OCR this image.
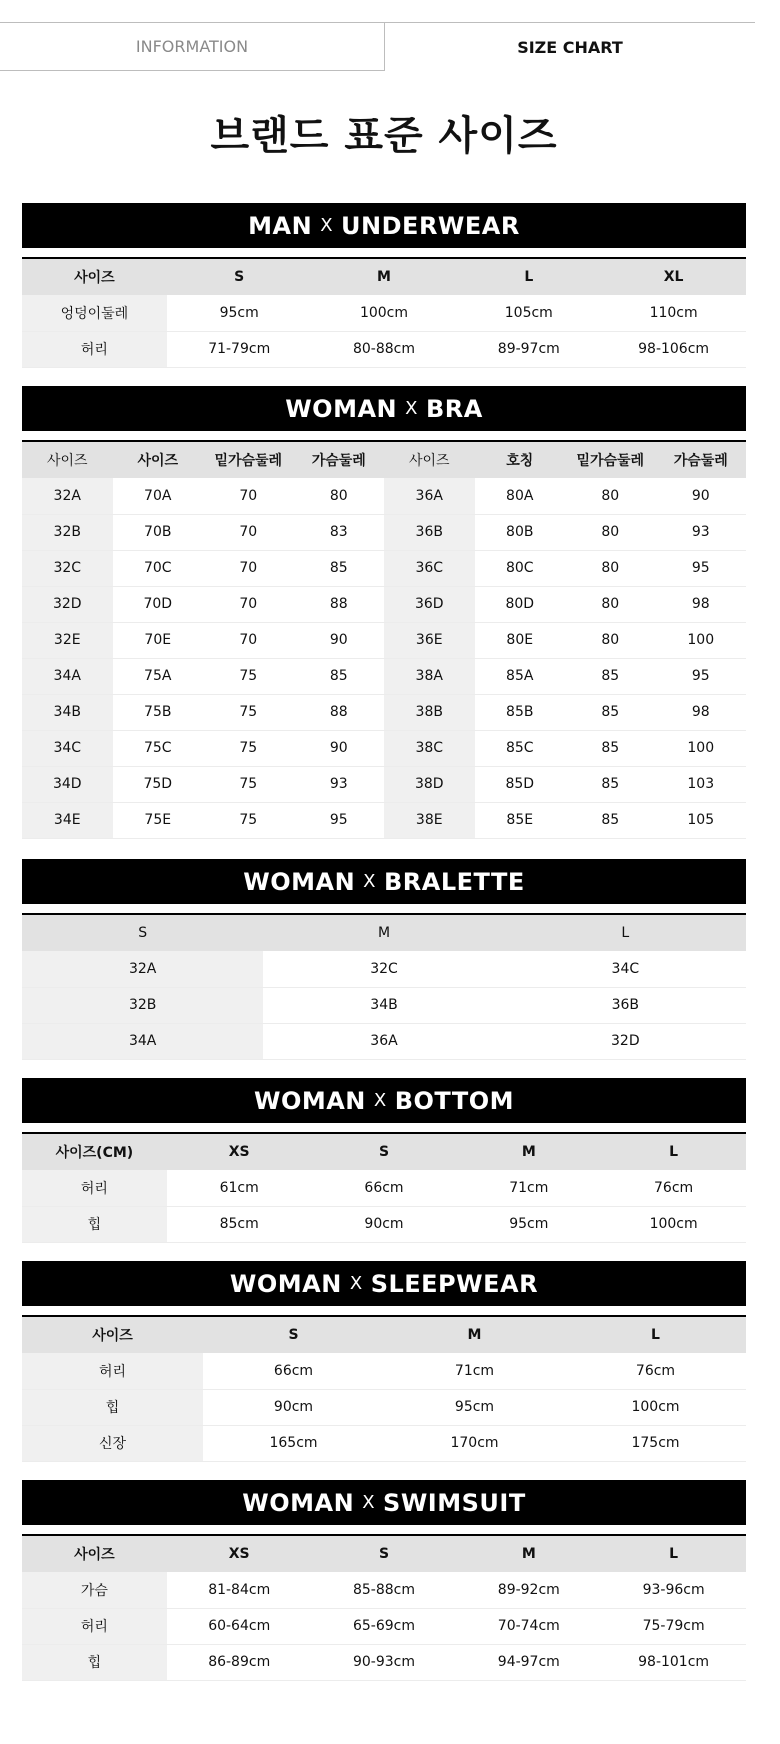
INFORMATION	SIZE CHART
브랜드 표준 사이즈
MAN X UNDERWEAR
사이즈	S	M	L	XL
엉덩이둘레	95cm	100cm	105cm	110cm
허리	71-79cm	80-88cm	89-97cm	98-106cm
WOMAN X BRA
사이즈	사이즈	밑가슴둘레	가슴둘레	사이즈	호칭	밑가슴둘레	가슴둘레
32A	70A	70	80	36A	80A	80	90
32B	70B	70	83	36B	80B	80	93
32C	70C	70	85	36C	80C	80	95
32D	70D	70	88	36D	80D	80	98
32E	70E	70	90	36E	80E	80	100
34A	75A	75	85	38A	85A	85	95
34B	75B	75	88	38B	85B	85	98
34C	75C	75	90	38C	85C	85	100
34D	75D	75	93	38D	85D	85	103
34E	75E	75	95	38E	85E	85	105
WOMAN X BRALETTE
S	M	L
32A	32C	34C
32B	34B	36B
34A	36A	32D
WOMAN X BOTTOM
사이즈(CM)	XS	S	M	L
허리	61cm	66cm	71cm	76cm
힙	85cm	90cm	95cm	100cm
WOMAN X SLEEPWEAR
사이즈	S	M	L
허리	66cm	71cm	76cm
힙	90cm	95cm	100cm
신장	165cm	170cm	175cm
WOMAN X SWIMSUIT
사이즈	XS	S	M	L
가슴	81-84cm	85-88cm	89-92cm	93-96cm
허리	60-64cm	65-69cm	70-74cm	75-79cm
힙	86-89cm	90-93cm	94-97cm	98-101cm
